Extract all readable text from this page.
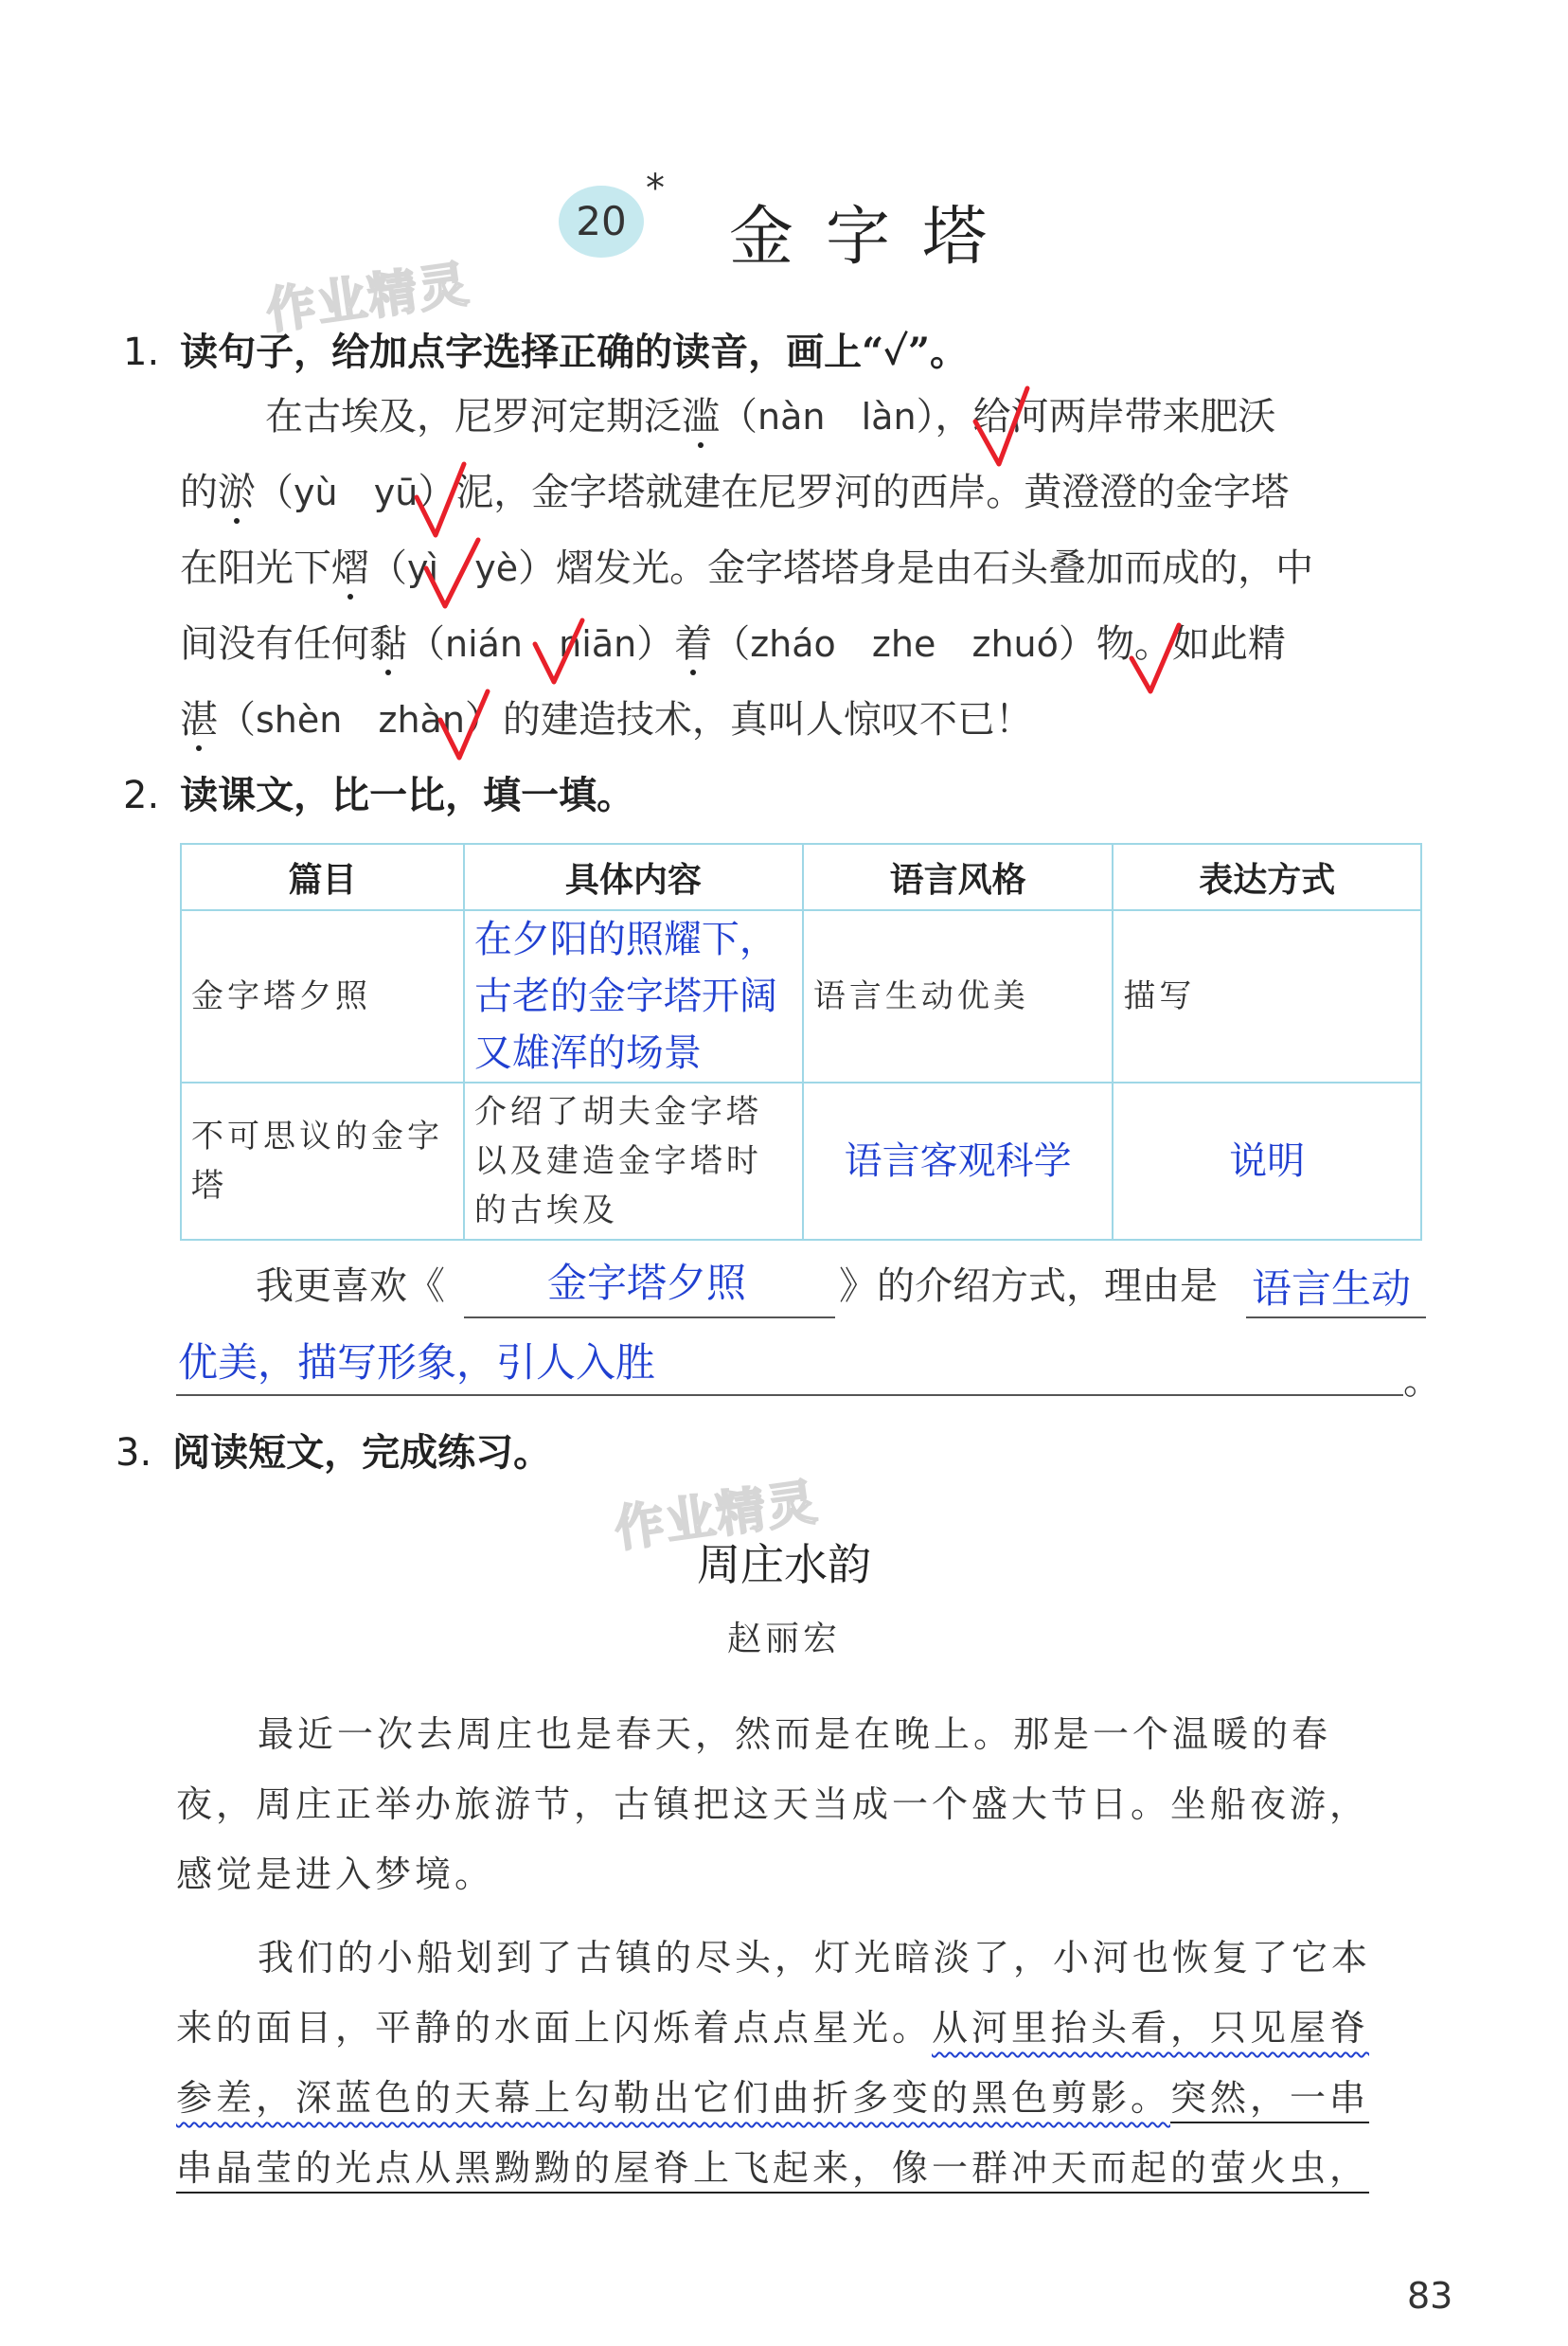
20
*
金字塔
作业精灵
作业精灵
1. 读句子，给加点字选择正确的读音，画上“✓”。
在古埃及，尼罗河定期泛滥（nàn làn），给河两岸带来肥沃
的淤（yù yū）泥，金字塔就建在尼罗河的西岸。黄澄澄的金字塔
在阳光下熠（yì yè）熠发光。金字塔塔身是由石头叠加而成的，中
间没有任何黏（nián niān）着（zháo zhe zhuó）物。如此精
湛（shèn zhàn）的建造技术，真叫人惊叹不已！
2. 读课文，比一比，填一填。
篇目	具体内容	语言风格	表达方式
金字塔夕照	在夕阳的照耀下，古老的金字塔开阔又雄浑的场景	语言生动优美	描写
不可思议的金字塔	介绍了胡夫金字塔以及建造金字塔时的古埃及	语言客观科学	说明
我更喜欢《	金字塔夕照 》的介绍方式，理由是 语言生动
优美，描写形象，引人入胜	。
3. 阅读短文，完成练习。
周庄水韵
赵丽宏
最近一次去周庄也是春天，然而是在晚上。那是一个温暖的春
夜，周庄正举办旅游节，古镇把这天当成一个盛大节日。坐船夜游，
感觉是进入梦境。
我们的小船划到了古镇的尽头，灯光暗淡了，小河也恢复了它本
来的面目，平静的水面上闪烁着点点星光。从河里抬头看，只见屋脊
参差，深蓝色的天幕上勾勒出它们曲折多变的黑色剪影。突然，一串
串晶莹的光点从黑黝黝的屋脊上飞起来，像一群冲天而起的萤火虫，
83
